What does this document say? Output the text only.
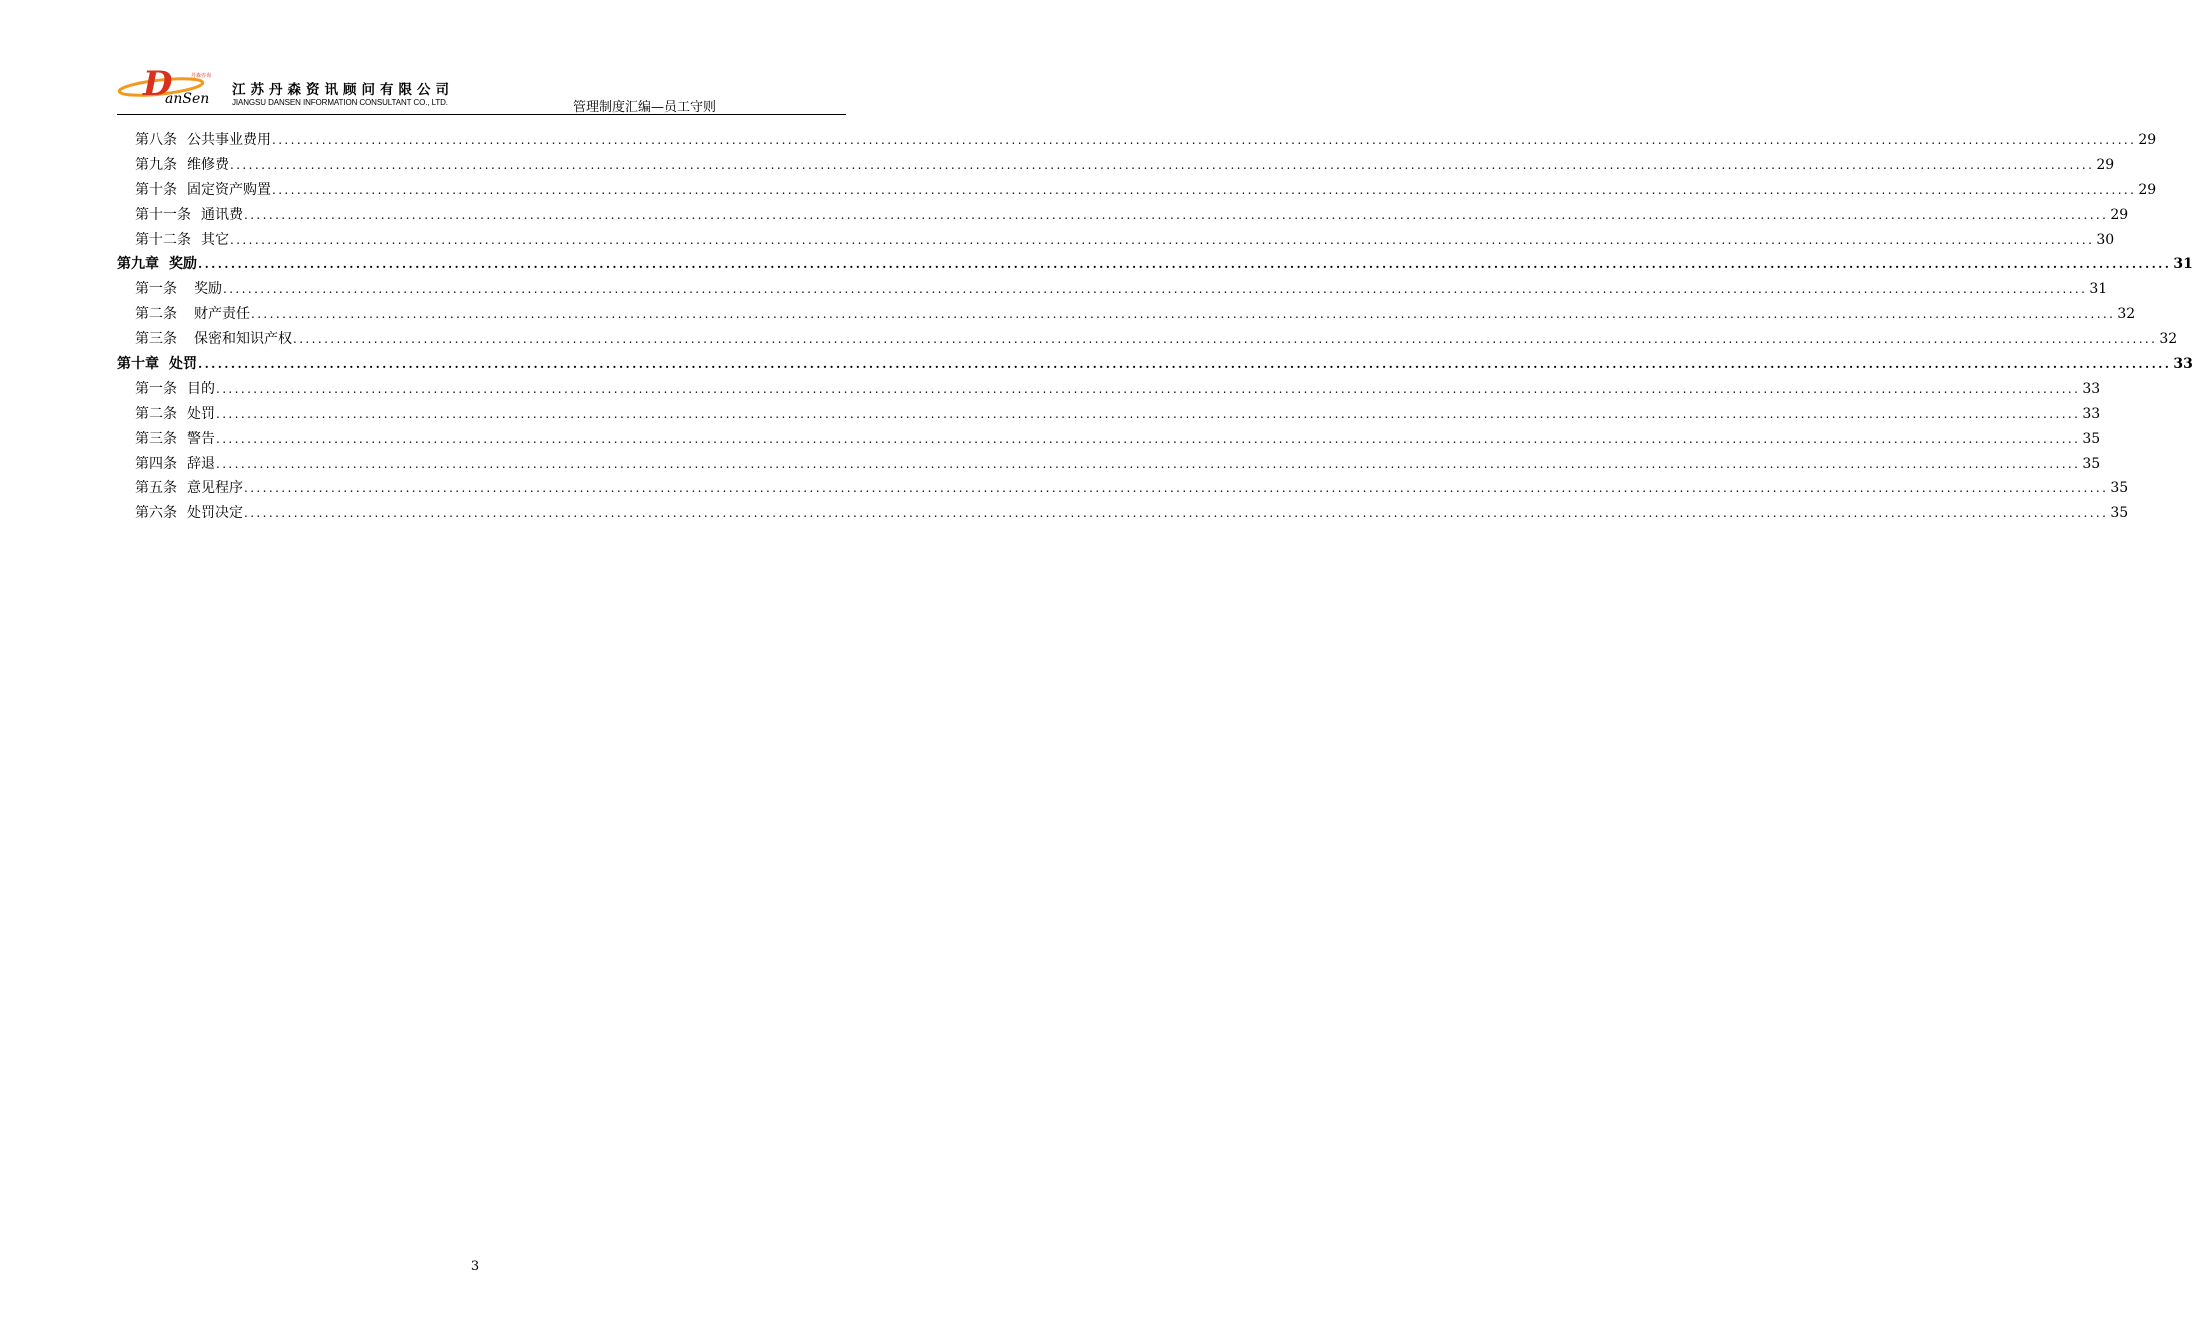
D
anSen
丹森咨询
江苏丹森资讯顾问有限公司
JIANGSU DANSEN INFORMATION CONSULTANT CO., LTD.	管理制度汇编—员工守则
第八条 公共事业费用 ............................................................................................................................................................................................................................................................................................................ 29
第九条 维修费 ............................................................................................................................................................................................................................................................................................................ 29
第十条 固定资产购置 ............................................................................................................................................................................................................................................................................................................ 29
第十一条 通讯费 ............................................................................................................................................................................................................................................................................................................ 29
第十二条 其它 ............................................................................................................................................................................................................................................................................................................ 30
第九章 奖励 ............................................................................................................................................................................................................................................................................................................ 31
第一条 奖励 ............................................................................................................................................................................................................................................................................................................ 31
第二条 财产责任 ............................................................................................................................................................................................................................................................................................................ 32
第三条 保密和知识产权 ............................................................................................................................................................................................................................................................................................................ 32
第十章 处罚 ............................................................................................................................................................................................................................................................................................................ 33
第一条 目的 ............................................................................................................................................................................................................................................................................................................ 33
第二条 处罚 ............................................................................................................................................................................................................................................................................................................ 33
第三条 警告 ............................................................................................................................................................................................................................................................................................................ 35
第四条 辞退 ............................................................................................................................................................................................................................................................................................................ 35
第五条 意见程序 ............................................................................................................................................................................................................................................................................................................ 35
第六条 处罚决定 ............................................................................................................................................................................................................................................................................................................ 35
3
